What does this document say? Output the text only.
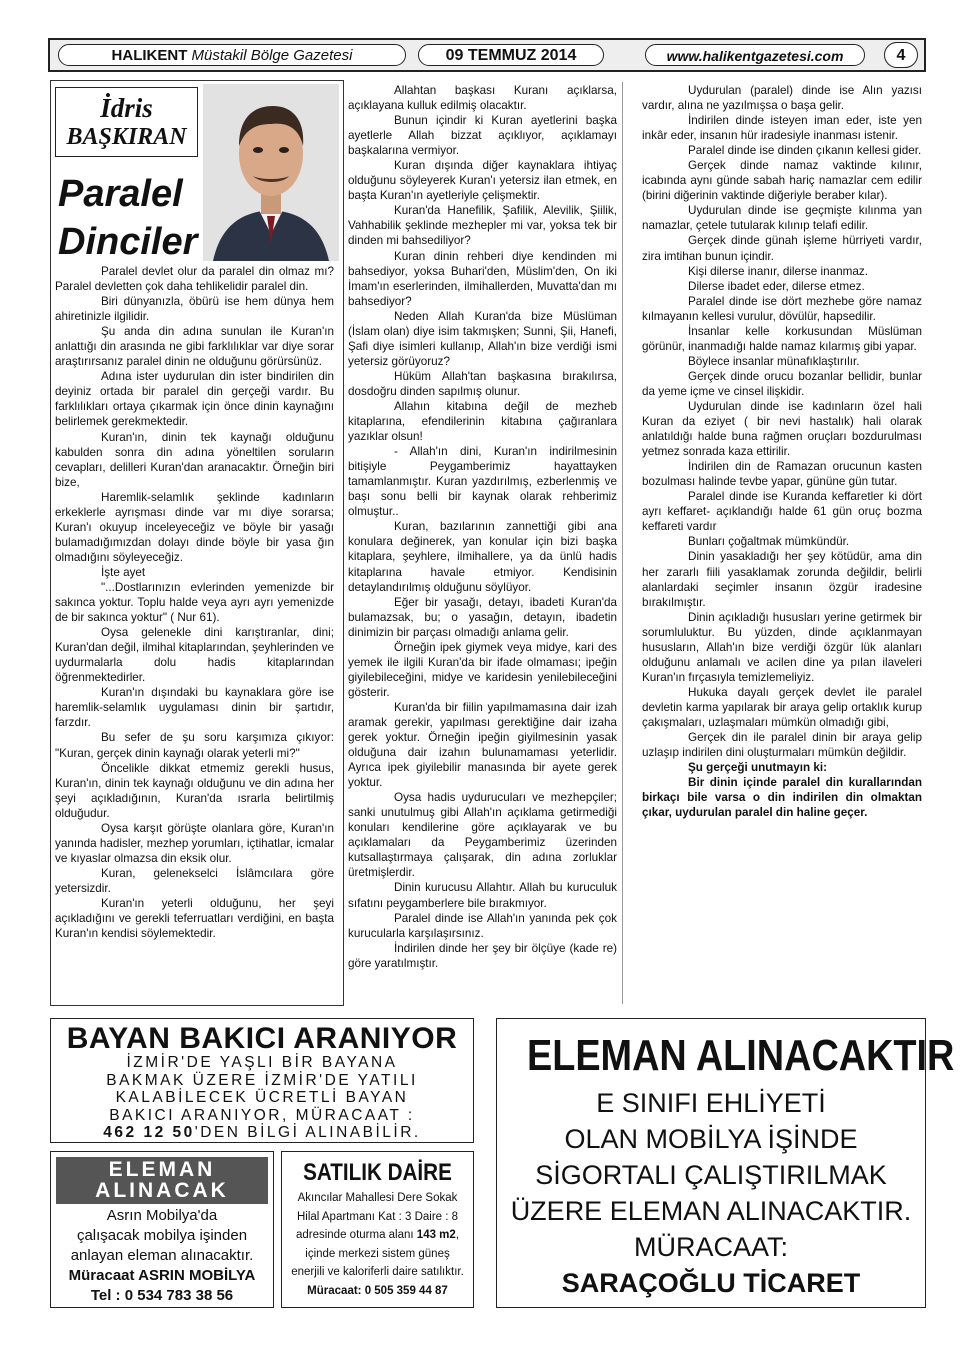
HALIKENT Müstakil Bölge Gazetesi	09 TEMMUZ 2014	www.halikentgazetesi.com	4
İdris
BAŞKIRAN
Paralel
Dinciler

Paralel devlet olur da paralel din olmaz mı? Paralel devletten çok daha tehlikelidir paralel din.

Biri dünyanızla, öbürü ise hem dünya hem ahiretinizle ilgilidir.

Şu anda din adına sunulan ile Kuran'ın anlattığı din arasında ne gibi farklılıklar var diye sorar araştırırsanız paralel dinin ne olduğunu görürsünüz.

Adına ister uydurulan din ister bindirilen din deyiniz ortada bir paralel din gerçeği vardır. Bu farklılıkları ortaya çıkarmak için önce dinin kaynağını belirlemek gerekmektedir.

Kuran'ın, dinin tek kaynağı olduğunu kabulden sonra din adına yöneltilen soruların cevapları, delilleri Kuran'dan aranacaktır. Örneğin biri bize,

Haremlik-selamlık şeklinde kadınların erkeklerle ayrışması dinde var mı diye sorarsa; Kuran'ı okuyup inceleyeceğiz ve böyle bir yasağı bulamadığımızdan dolayı dinde böyle bir yasa ğın olmadığını söyleyeceğiz.

İşte ayet

"...Dostlarınızın evlerinden yemenizde bir sakınca yoktur. Toplu halde veya ayrı ayrı yemenizde de bir sakınca yoktur" ( Nur 61).

Oysa gelenekle dini karıştıranlar, dini; Kuran'dan değil, ilmihal kitaplarından, şeyhlerinden ve uydurmalarla dolu hadis kitaplarından öğrenmektedirler.

Kuran'ın dışındaki bu kaynaklara göre ise haremlik-selamlık uygulaması dinin bir şartıdır, farzdır.

Bu sefer de şu soru karşımıza çıkıyor: "Kuran, gerçek dinin kaynağı olarak yeterli mi?"

Öncelikle dikkat etmemiz gerekli husus, Kuran'ın, dinin tek kaynağı olduğunu ve din adına her şeyi açıkladığının, Kuran'da ısrarla belirtilmiş olduğudur.

Oysa karşıt görüşte olanlara göre, Kuran'ın yanında hadisler, mezhep yorumları, içtihatlar, icmalar ve kıyaslar olmazsa din eksik olur.

Kuran, gelenekselci İslâmcılara göre yetersizdir.

Kuran'ın yeterli olduğunu, her şeyi açıkladığını ve gerekli teferruatları verdiğini, en başta Kuran'ın kendisi söylemektedir.

Allahtan başkası Kuranı açıklarsa, açıklayana kulluk edilmiş olacaktır.

Bunun içindir ki Kuran ayetlerini başka ayetlerle Allah bizzat açıklıyor, açıklamayı başkalarına vermiyor.

Kuran dışında diğer kaynaklara ihtiyaç olduğunu söyleyerek Kuran'ı yetersiz ilan etmek, en başta Kuran'ın ayetleriyle çelişmektir.

Kuran'da Hanefilik, Şafilik, Alevilik, Şiilik, Vahhabilik şeklinde mezhepler mi var, yoksa tek bir dinden mi bahsediliyor?

Kuran dinin rehberi diye kendinden mi bahsediyor, yoksa Buhari'den, Müslim'den, On iki İmam'ın eserlerinden, ilmihallerden, Muvatta'dan mı bahsediyor?

Neden Allah Kuran'da bize Müslüman (İslam olan) diye isim takmışken; Sunni, Şii, Hanefi, Şafi diye isimleri kullanıp, Allah'ın bize verdiği ismi yetersiz görüyoruz?

Hüküm Allah'tan başkasına bırakılırsa, dosdoğru dinden sapılmış olunur.

Allahın kitabına değil de mezheb kitaplarına, efendilerinin kitabına çağıranlara yazıklar olsun!

- Allah'ın dini, Kuran'ın indirilmesinin bitişiyle Peygamberimiz hayattayken tamamlanmıştır. Kuran yazdırılmış, ezberlenmiş ve başı sonu belli bir kaynak olarak rehberimiz olmuştur..

Kuran, bazılarının zannettiği gibi ana konulara değinerek, yan konular için bizi başka kitaplara, şeyhlere, ilmihallere, ya da ünlü hadis kitaplarına havale etmiyor. Kendisinin detaylandırılmış olduğunu söylüyor.

Eğer bir yasağı, detayı, ibadeti Kuran'da bulamazsak, bu; o yasağın, detayın, ibadetin dinimizin bir parçası olmadığı anlama gelir.

Örneğin ipek giymek veya midye, kari des yemek ile ilgili Kuran'da bir ifade olmaması; ipeğin giyilebileceğini, midye ve karidesin yenilebileceğini gösterir.

Kuran'da bir fiilin yapılmamasına dair izah aramak gerekir, yapılması gerektiğine dair izaha gerek yoktur. Örneğin ipeğin giyilmesinin yasak olduğuna dair izahın bulunamaması yeterlidir. Ayrıca ipek giyilebilir manasında bir ayete gerek yoktur.

Oysa hadis uydurucuları ve mezhepçiler; sanki unutulmuş gibi Allah'ın açıklama getirmediği konuları kendilerine göre açıklayarak ve bu açıklamaları da Peygamberimiz üzerinden kutsallaştırmaya çalışarak, din adına zorluklar üretmişlerdir.

Dinin kurucusu Allahtır. Allah bu kuruculuk sıfatını peygamberlere bile bırakmıyor.

Paralel dinde ise Allah'ın yanında pek çok kurucularla karşılaşırsınız.

İndirilen dinde her şey bir ölçüye (kade re) göre yaratılmıştır.

Uydurulan (paralel) dinde ise Alın yazısı vardır, alına ne yazılmışsa o başa gelir.

İndirilen dinde isteyen iman eder, iste yen inkâr eder, insanın hür iradesiyle inanması istenir.

Paralel dinde ise dinden çıkanın kellesi gider.

Gerçek dinde namaz vaktinde kılınır, icabında aynı günde sabah hariç namazlar cem edilir (birini diğerinin vaktinde diğeriyle beraber kılar).

Uydurulan dinde ise geçmişte kılınma yan namazlar, çetele tutularak kılınıp telafi edilir.

Gerçek dinde günah işleme hürriyeti vardır, zira imtihan bunun içindir.

Kişi dilerse inanır, dilerse inanmaz.

Dilerse ibadet eder, dilerse etmez.

Paralel dinde ise dört mezhebe göre namaz kılmayanın kellesi vurulur, dövülür, hapsedilir.

İnsanlar kelle korkusundan Müslüman görünür, inanmadığı halde namaz kılarmış gibi yapar.

Böylece insanlar münafıklaştırılır.

Gerçek dinde orucu bozanlar bellidir, bunlar da yeme içme ve cinsel ilişkidir.

Uydurulan dinde ise kadınların özel hali Kuran da eziyet ( bir nevi hastalık) hali olarak anlatıldığı halde buna rağmen oruçları bozdurulması yetmez sonrada kaza ettirilir.

İndirilen din de Ramazan orucunun kasten bozulması halinde tevbe yapar, gününe gün tutar.

Paralel dinde ise Kuranda keffaretler ki dört ayrı keffaret- açıklandığı halde 61 gün oruç bozma keffareti vardır

Bunları çoğaltmak mümkündür.

Dinin yasakladığı her şey kötüdür, ama din her zararlı fiili yasaklamak zorunda değildir, belirli alanlardaki seçimler insanın özgür iradesine bırakılmıştır.

Dinin açıkladığı hususları yerine getirmek bir sorumluluktur. Bu yüzden, dinde açıklanmayan hususların, Allah'ın bize verdiği özgür lük alanları olduğunu anlamalı ve acilen dine ya pılan ilaveleri Kuran'ın fırçasıyla temizlemeliyiz.

Hukuka dayalı gerçek devlet ile paralel devletin karma yapılarak bir araya gelip ortaklık kurup çakışmaları, uzlaşmaları mümkün olmadığı gibi,

Gerçek din ile paralel dinin bir araya gelip uzlaşıp indirilen dini oluşturmaları mümkün değildir.

Şu gerçeği unutmayın ki:

Bir dinin içinde paralel din kurallarından birkaçı bile varsa o din indirilen din olmaktan çıkar, uydurulan paralel din haline geçer.

BAYAN BAKICI ARANIYOR
İZMİR'DE YAŞLI BİR BAYANA
BAKMAK ÜZERE İZMİR'DE YATILI
KALABİLECEK ÜCRETLİ BAYAN
BAKICI ARANIYOR, MÜRACAAT :
462 12 50'DEN BİLGİ ALINABİLİR.
ELEMAN
ALINACAK
Asrın Mobilya'da
çalışacak mobilya işinden
anlayan eleman alınacaktır.
Müracaat ASRIN MOBİLYA
Tel : 0 534 783 38 56
SATILIK DAİRE
Akıncılar Mahallesi Dere Sokak Hilal Apartmanı Kat : 3 Daire : 8 adresinde oturma alanı 143 m2, içinde merkezi sistem güneş enerjili ve kaloriferli daire satılıktır.
Müracaat: 0 505 359 44 87
ELEMAN ALINACAKTIR
E SINIFI EHLİYETİ
OLAN MOBİLYA İŞİNDE
SİGORTALI ÇALIŞTIRILMAK
ÜZERE ELEMAN ALINACAKTIR.
MÜRACAAT:
SARAÇOĞLU TİCARET
